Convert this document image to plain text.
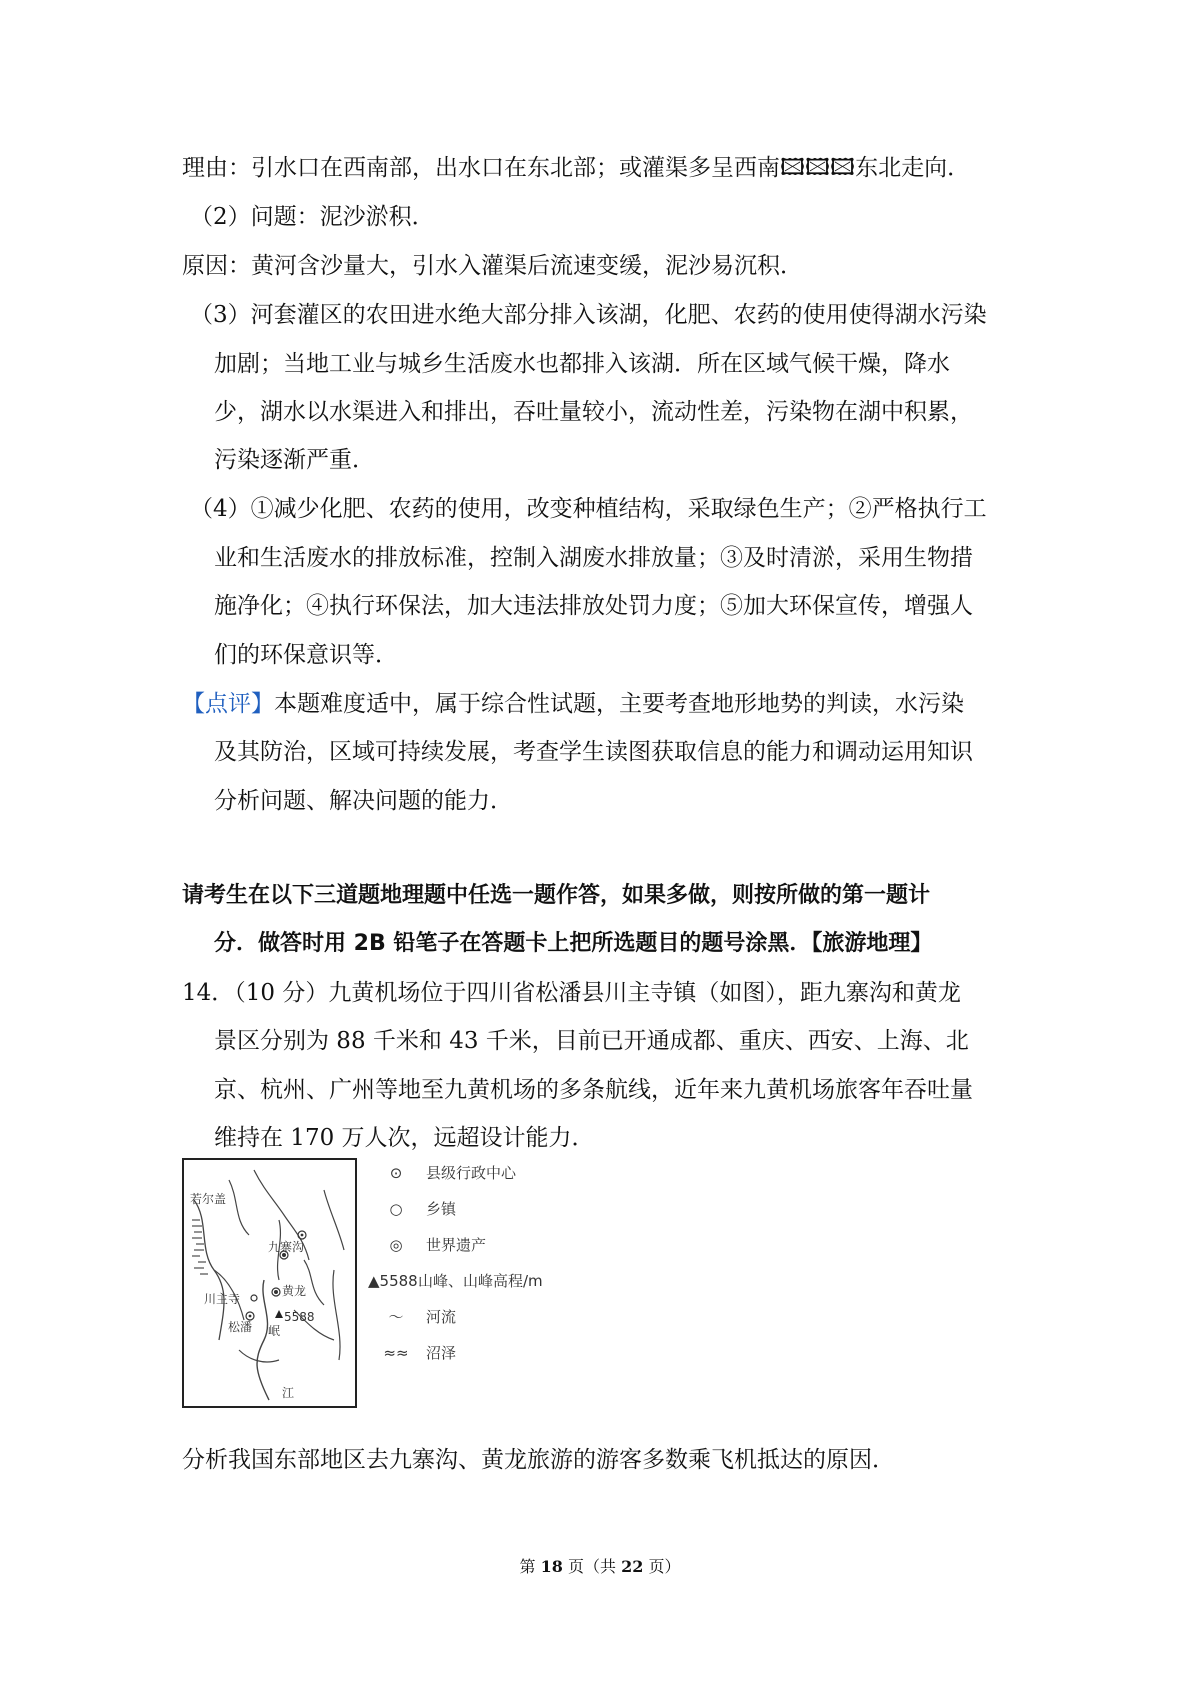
理由：引水口在西南部，出水口在东北部；或灌渠多呈西南🖾🖾🖾东北走向．
（2）问题：泥沙淤积．
原因：黄河含沙量大，引水入灌渠后流速变缓，泥沙易沉积．
（3）河套灌区的农田进水绝大部分排入该湖，化肥、农药的使用使得湖水污染
加剧；当地工业与城乡生活废水也都排入该湖．所在区域气候干燥，降水
少，湖水以水渠进入和排出，吞吐量较小，流动性差，污染物在湖中积累，
污染逐渐严重．
（4）①减少化肥、农药的使用，改变种植结构，采取绿色生产；②严格执行工
业和生活废水的排放标准，控制入湖废水排放量；③及时清淤，采用生物措
施净化；④执行环保法，加大违法排放处罚力度；⑤加大环保宣传，增强人
们的环保意识等．
【点评】本题难度适中，属于综合性试题，主要考查地形地势的判读，水污染
及其防治，区域可持续发展，考查学生读图获取信息的能力和调动运用知识
分析问题、解决问题的能力．
请考生在以下三道题地理题中任选一题作答，如果多做，则按所做的第一题计
分．做答时用 2B 铅笔子在答题卡上把所选题目的题号涂黑．【旅游地理】
14．（10 分）九黄机场位于四川省松潘县川主寺镇（如图），距九寨沟和黄龙
景区分别为 88 千米和 43 千米，目前已开通成都、重庆、西安、上海、北
京、杭州、广州等地至九黄机场的多条航线，近年来九黄机场旅客年吞吐量
维持在 170 万人次，远超设计能力．
若尔盖
九寨沟
川主寺
黄龙
5588
松潘 岷
江
⊙ 县级行政中心
○ 乡镇
◎ 世界遗产
▲5588山峰、山峰高程/m
〜 河流
≈≈ 沼泽
分析我国东部地区去九寨沟、黄龙旅游的游客多数乘飞机抵达的原因．
第 18 页（共 22 页）
